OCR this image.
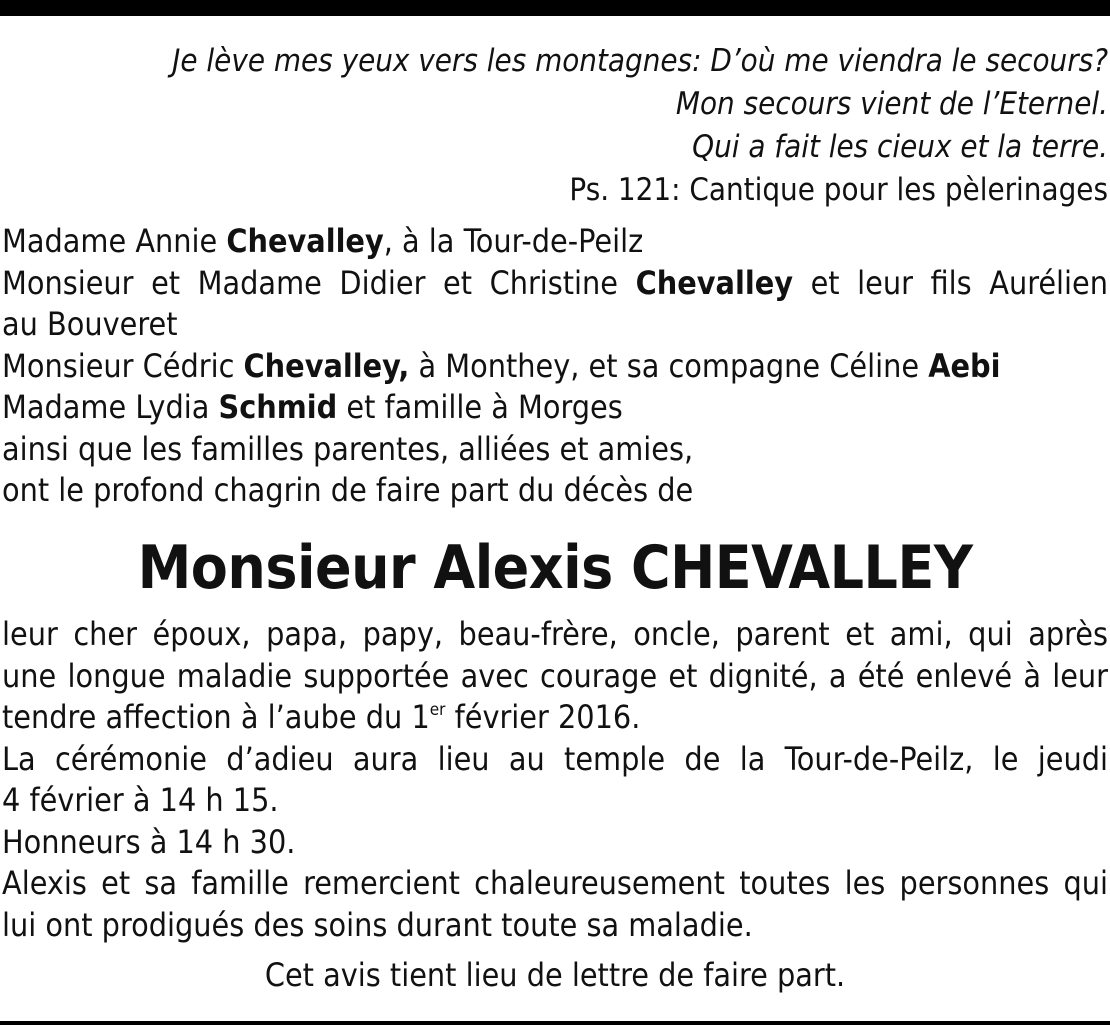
Je lève mes yeux vers les montagnes: D’où me viendra le secours?
Mon secours vient de l’Eternel.
Qui a fait les cieux et la terre.
Ps. 121: Cantique pour les pèlerinages
Madame Annie Chevalley, à la Tour-de-Peilz
Monsieur et Madame Didier et Christine Chevalley et leur fils Aurélien
au Bouveret
Monsieur Cédric Chevalley, à Monthey, et sa compagne Céline Aebi
Madame Lydia Schmid et famille à Morges
ainsi que les familles parentes, alliées et amies,
ont le profond chagrin de faire part du décès de
Monsieur Alexis CHEVALLEY
leur cher époux, papa, papy, beau-frère, oncle, parent et ami, qui après
une longue maladie supportée avec courage et dignité, a été enlevé à leur
tendre affection à l’aube du 1er février 2016.
La cérémonie d’adieu aura lieu au temple de la Tour-de-Peilz, le jeudi
4 février à 14 h 15.
Honneurs à 14 h 30.
Alexis et sa famille remercient chaleureusement toutes les personnes qui
lui ont prodigués des soins durant toute sa maladie.
Cet avis tient lieu de lettre de faire part.
